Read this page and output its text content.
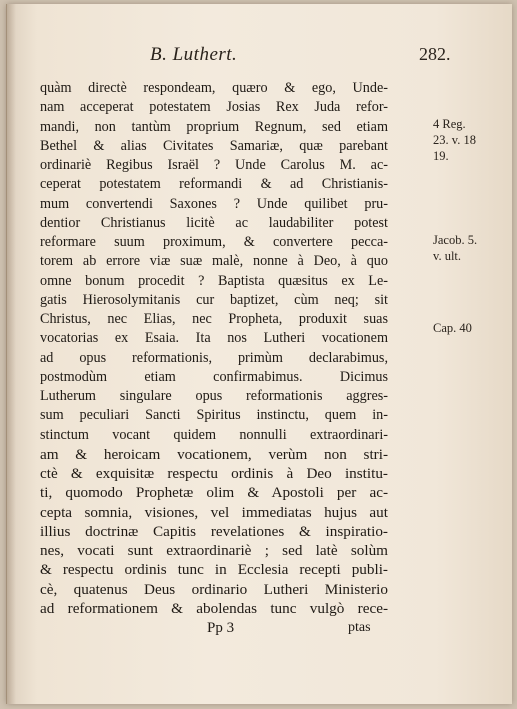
B. Luthert.	282.
quàm directè respondeam, quæro & ego, Unde-
nam acceperat potestatem Josias Rex Juda refor-
mandi, non tantùm proprium Regnum, sed etiam
Bethel & alias Civitates Samariæ, quæ parebant
ordinariè Regibus Israël ? Unde Carolus M. ac-
ceperat potestatem reformandi & ad Christianis-
mum convertendi Saxones ? Unde quilibet pru-
dentior Christianus licitè ac laudabiliter potest
reformare suum proximum, & convertere pecca-
torem ab errore viæ suæ malè, nonne à Deo, à quo
omne bonum procedit ? Baptista quæsitus ex Le-
gatis Hierosolymitanis cur baptizet, cùm neq; sit
Christus, nec Elias, nec Propheta, produxit suas
vocatorias ex Esaia. Ita nos Lutheri vocationem
ad opus reformationis, primùm declarabimus,
postmodùm etiam confirmabimus. Dicimus
Lutherum singulare opus reformationis aggres-
sum peculiari Sancti Spiritus instinctu, quem in-
stinctum vocant quidem nonnulli extraordinari-
am & heroicam vocationem, verùm non stri-
ctè & exquisitæ respectu ordinis à Deo institu-
ti, quomodo Prophetæ olim & Apostoli per ac-
cepta somnia, visiones, vel immediatas hujus aut
illius doctrinæ Capitis revelationes & inspiratio-
nes, vocati sunt extraordinariè ; sed latè solùm
& respectu ordinis tunc in Ecclesia recepti publi-
cè, quatenus Deus ordinario Lutheri Ministerio
ad reformationem & abolendas tunc vulgò rece-
4 Reg.
23. v. 18
19.
Jacob. 5.
v. ult.
Cap. 40
Pp 3	ptas
